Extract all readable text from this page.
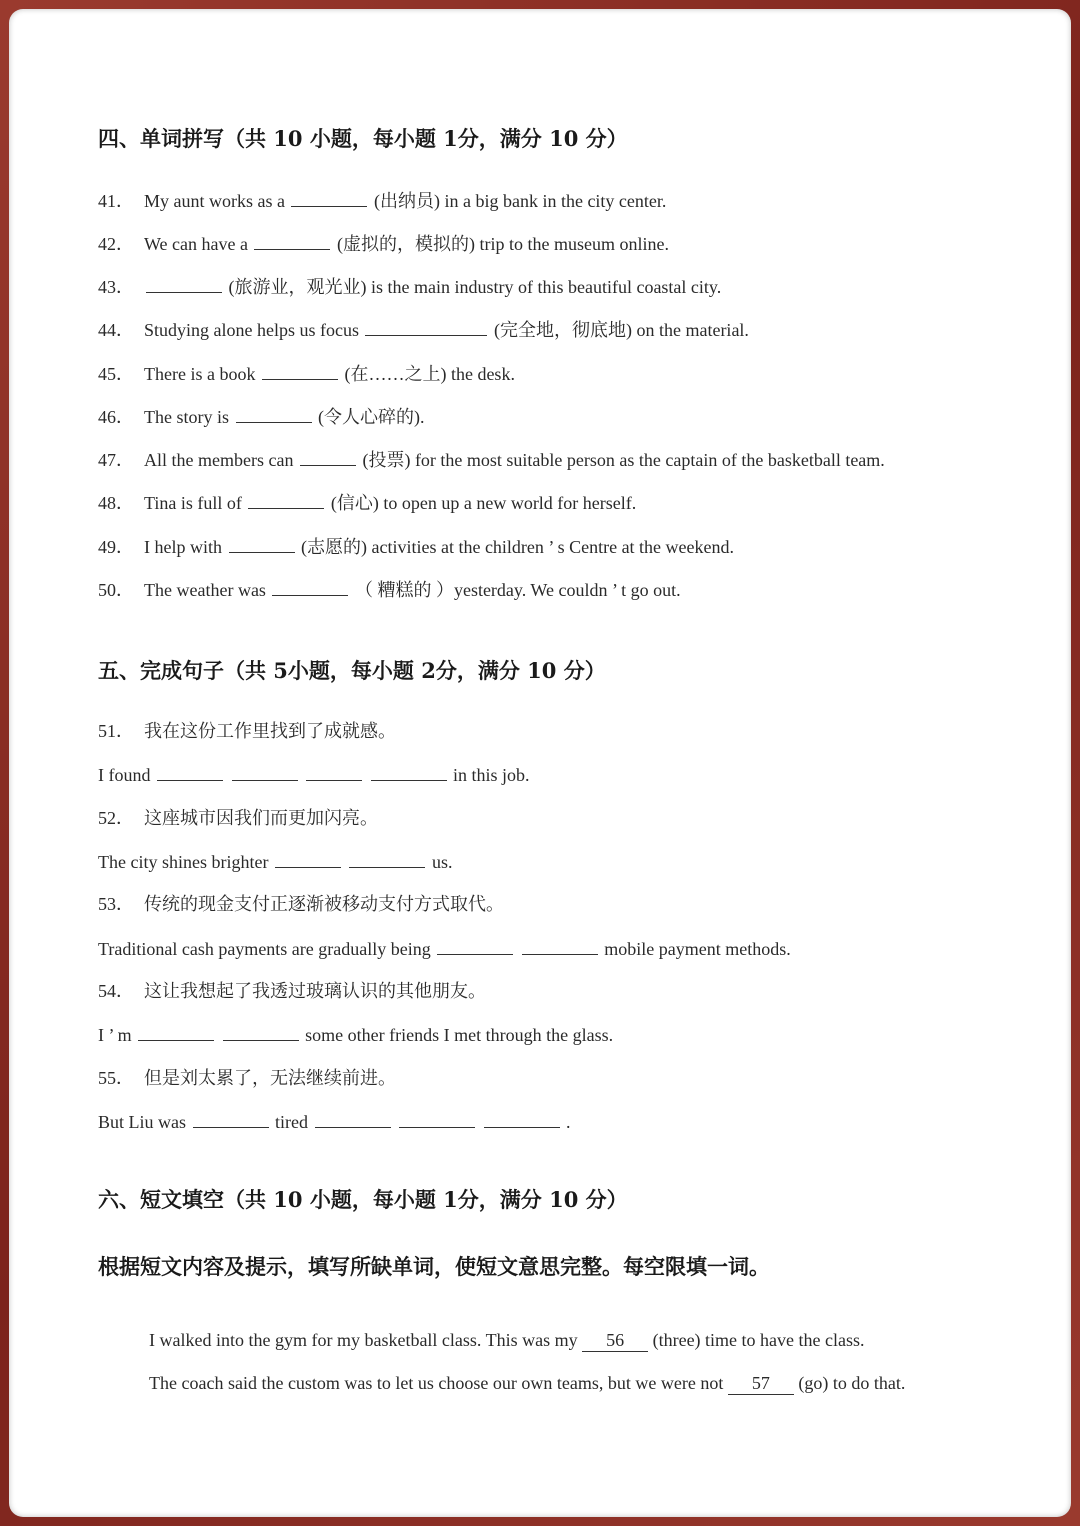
四、单词拼写（共 10 小题，每小题 1分，满分 10 分）
41． My aunt works as a	(出纳员) in a big bank in the city center.
42． We can have a	(虚拟的，模拟的) trip to the museum online.
43．	(旅游业，观光业) is the main industry of this beautiful coastal city.
44． Studying alone helps us focus	(完全地，彻底地) on the material.
45． There is a book	(在……之上) the desk.
46． The story is	(令人心碎的).
47． All the members can	(投票) for the most suitable person as the captain of the basketball team.
48． Tina is full of	(信心) to open up a new world for herself.
49． I help with	(志愿的) activities at the children ’ s Centre at the weekend.
50． The weather was	（ 糟糕的 ）yesterday. We couldn ’ t go out.
五、完成句子（共 5小题，每小题 2分，满分 10 分）
51． 我在这份工作里找到了成就感。
I found	in this job.
52． 这座城市因我们而更加闪亮。
The city shines brighter	us.
53． 传统的现金支付正逐渐被移动支付方式取代。
Traditional cash payments are gradually being	mobile payment methods.
54． 这让我想起了我透过玻璃认识的其他朋友。
I ’ m	some other friends I met through the glass.
55． 但是刘太累了，无法继续前进。
But Liu was	tired	.
六、短文填空（共 10 小题，每小题 1分，满分 10 分）
根据短文内容及提示，填写所缺单词，使短文意思完整。每空限填一词。
I walked into the gym for my basketball class. This was my 56 (three) time to have the class.
The coach said the custom was to let us choose our own teams, but we were not 57 (go) to do that.
